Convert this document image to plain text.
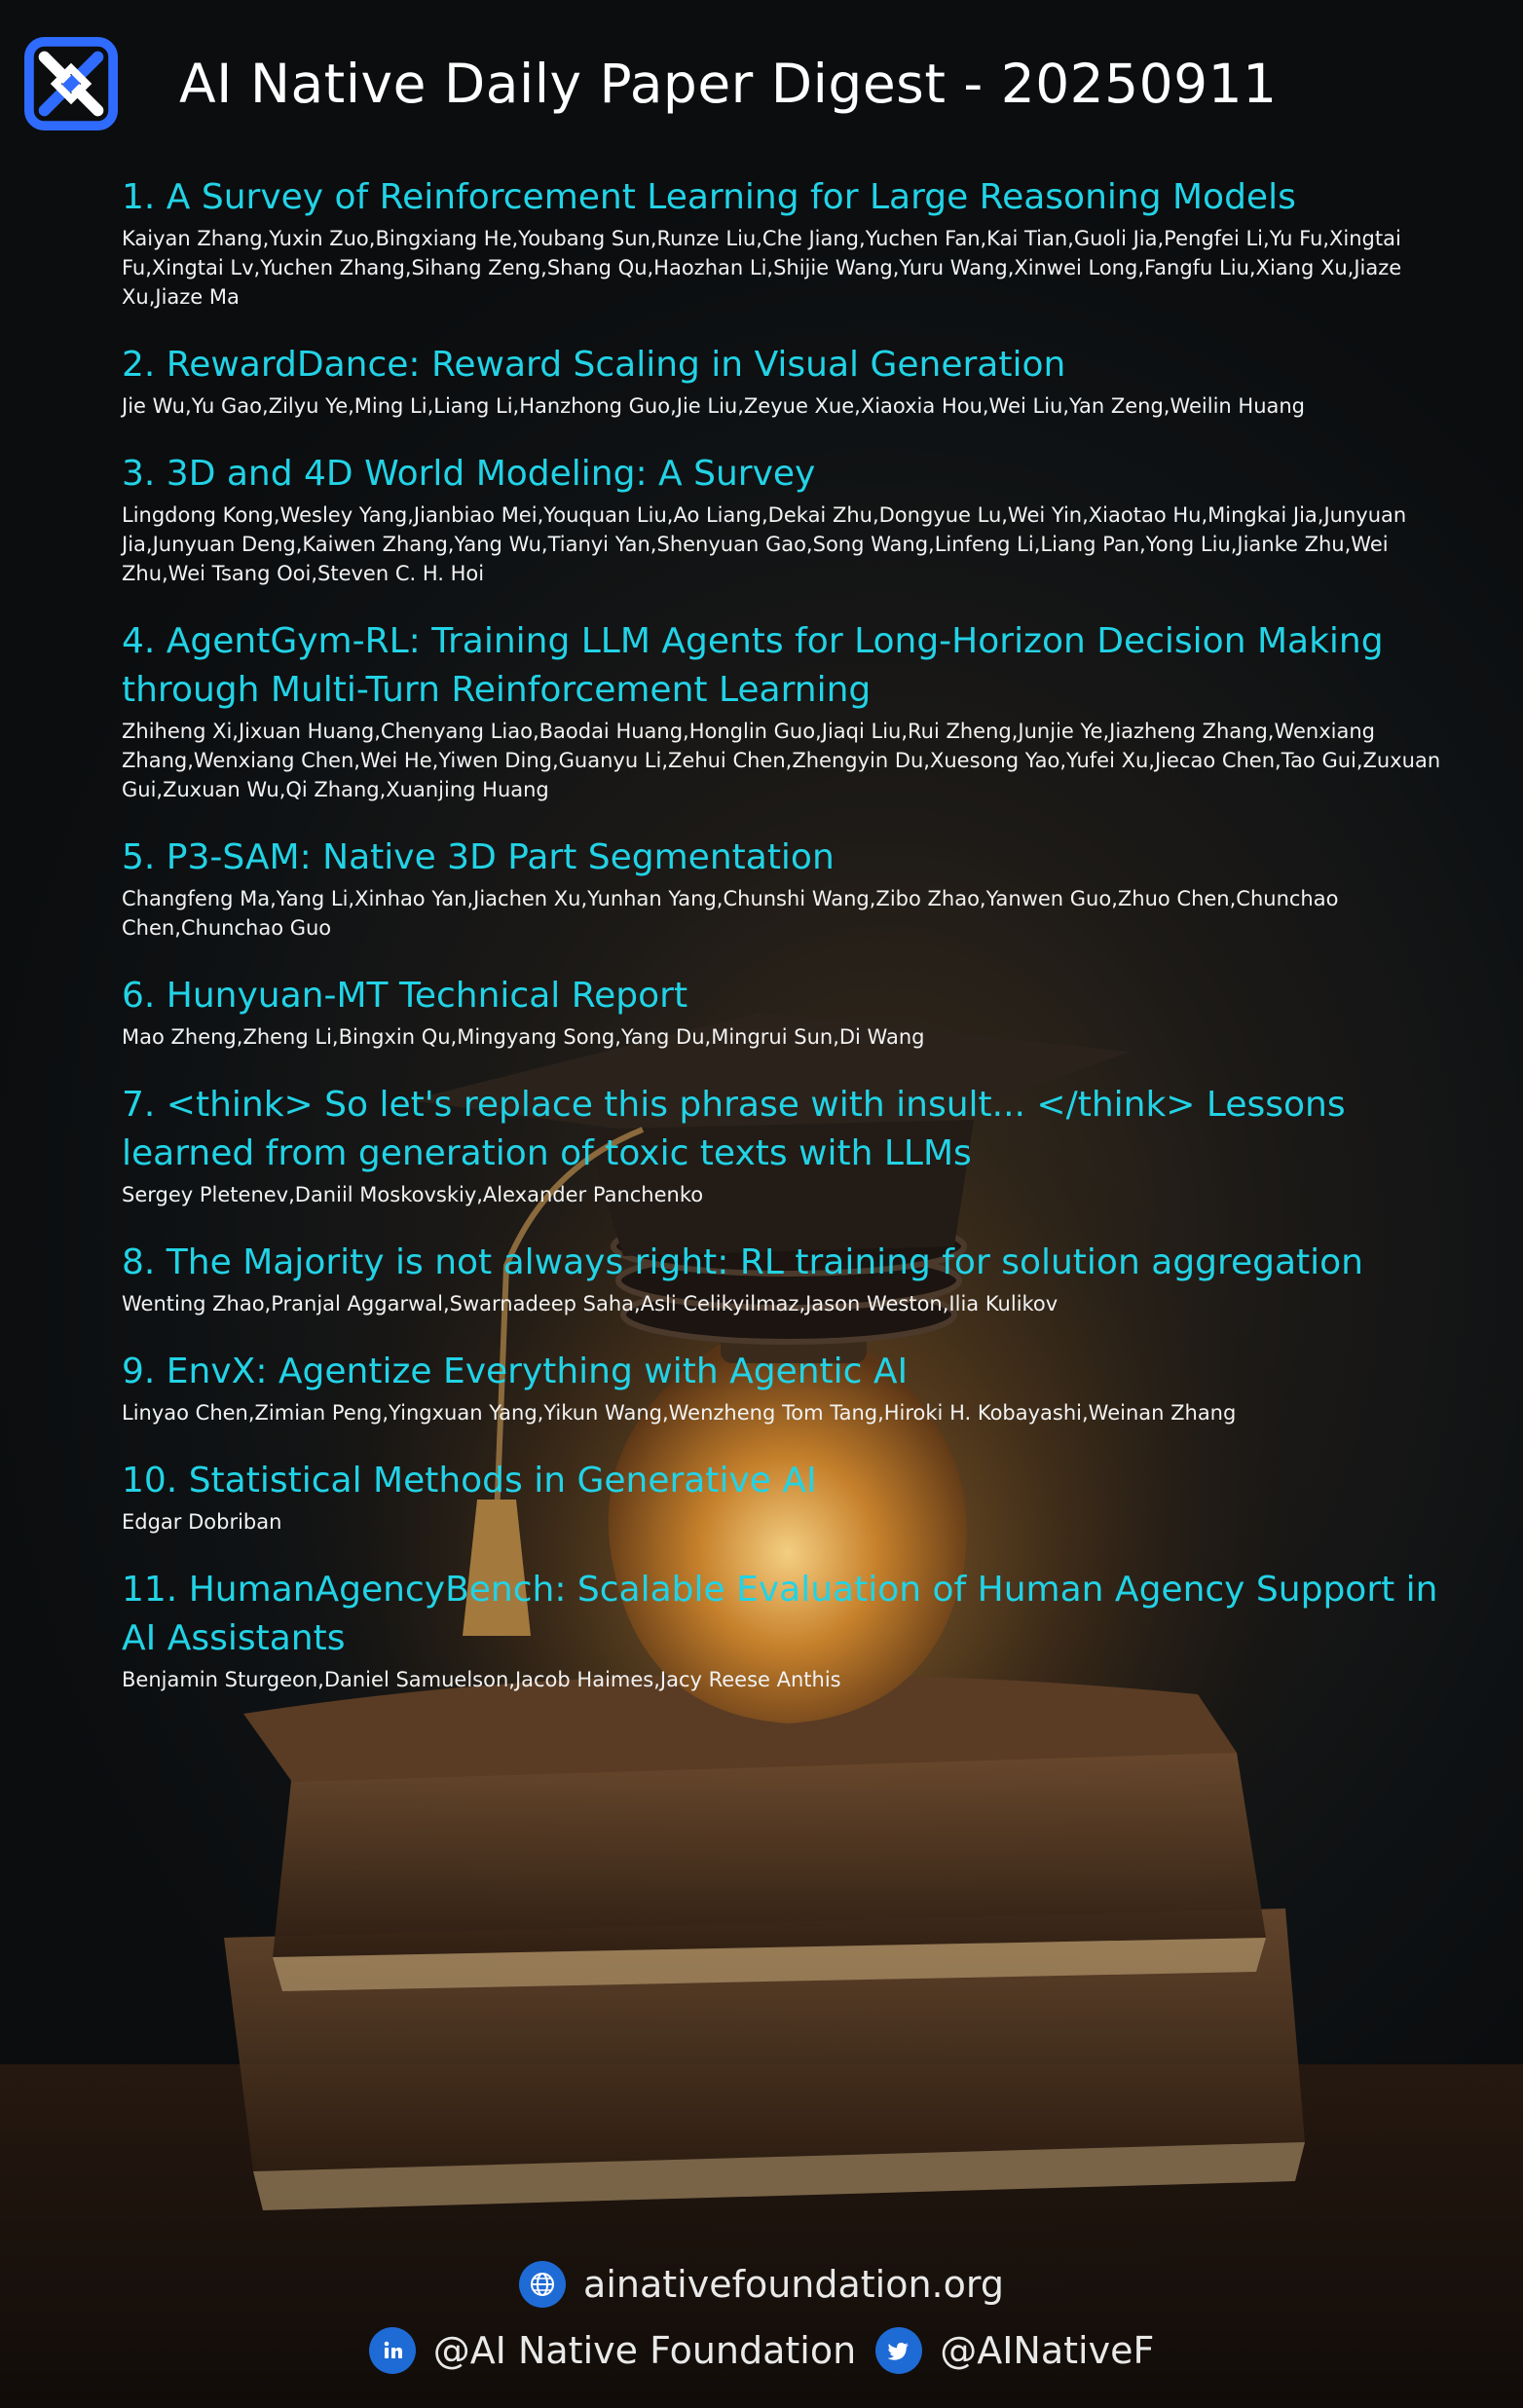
AI Native Daily Paper Digest - 20250911
1. A Survey of Reinforcement Learning for Large Reasoning Models
Kaiyan Zhang,Yuxin Zuo,Bingxiang He,Youbang Sun,Runze Liu,Che Jiang,Yuchen Fan,Kai Tian,Guoli Jia,Pengfei Li,Yu Fu,Xingtai Fu,Xingtai Lv,Yuchen Zhang,Sihang Zeng,Shang Qu,Haozhan Li,Shijie Wang,Yuru Wang,Xinwei Long,Fangfu Liu,Xiang Xu,Jiaze Xu,Jiaze Ma
2. RewardDance: Reward Scaling in Visual Generation
Jie Wu,Yu Gao,Zilyu Ye,Ming Li,Liang Li,Hanzhong Guo,Jie Liu,Zeyue Xue,Xiaoxia Hou,Wei Liu,Yan Zeng,Weilin Huang
3. 3D and 4D World Modeling: A Survey
Lingdong Kong,Wesley Yang,Jianbiao Mei,Youquan Liu,Ao Liang,Dekai Zhu,Dongyue Lu,Wei Yin,Xiaotao Hu,Mingkai Jia,Junyuan Jia,Junyuan Deng,Kaiwen Zhang,Yang Wu,Tianyi Yan,Shenyuan Gao,Song Wang,Linfeng Li,Liang Pan,Yong Liu,Jianke Zhu,Wei Zhu,Wei Tsang Ooi,Steven C. H. Hoi
4. AgentGym-RL: Training LLM Agents for Long-Horizon Decision Making through Multi-Turn Reinforcement Learning
Zhiheng Xi,Jixuan Huang,Chenyang Liao,Baodai Huang,Honglin Guo,Jiaqi Liu,Rui Zheng,Junjie Ye,Jiazheng Zhang,Wenxiang Zhang,Wenxiang Chen,Wei He,Yiwen Ding,Guanyu Li,Zehui Chen,Zhengyin Du,Xuesong Yao,Yufei Xu,Jiecao Chen,Tao Gui,Zuxuan Gui,Zuxuan Wu,Qi Zhang,Xuanjing Huang
5. P3-SAM: Native 3D Part Segmentation
Changfeng Ma,Yang Li,Xinhao Yan,Jiachen Xu,Yunhan Yang,Chunshi Wang,Zibo Zhao,Yanwen Guo,Zhuo Chen,Chunchao Chen,Chunchao Guo
6. Hunyuan-MT Technical Report
Mao Zheng,Zheng Li,Bingxin Qu,Mingyang Song,Yang Du,Mingrui Sun,Di Wang
7. <think> So let's replace this phrase with insult... </think> Lessons learned from generation of toxic texts with LLMs
Sergey Pletenev,Daniil Moskovskiy,Alexander Panchenko
8. The Majority is not always right: RL training for solution aggregation
Wenting Zhao,Pranjal Aggarwal,Swarnadeep Saha,Asli Celikyilmaz,Jason Weston,Ilia Kulikov
9. EnvX: Agentize Everything with Agentic AI
Linyao Chen,Zimian Peng,Yingxuan Yang,Yikun Wang,Wenzheng Tom Tang,Hiroki H. Kobayashi,Weinan Zhang
10. Statistical Methods in Generative AI
Edgar Dobriban
11. HumanAgencyBench: Scalable Evaluation of Human Agency Support in AI Assistants
Benjamin Sturgeon,Daniel Samuelson,Jacob Haimes,Jacy Reese Anthis
ainativefoundation.org
@AI Native Foundation @AINativeF
